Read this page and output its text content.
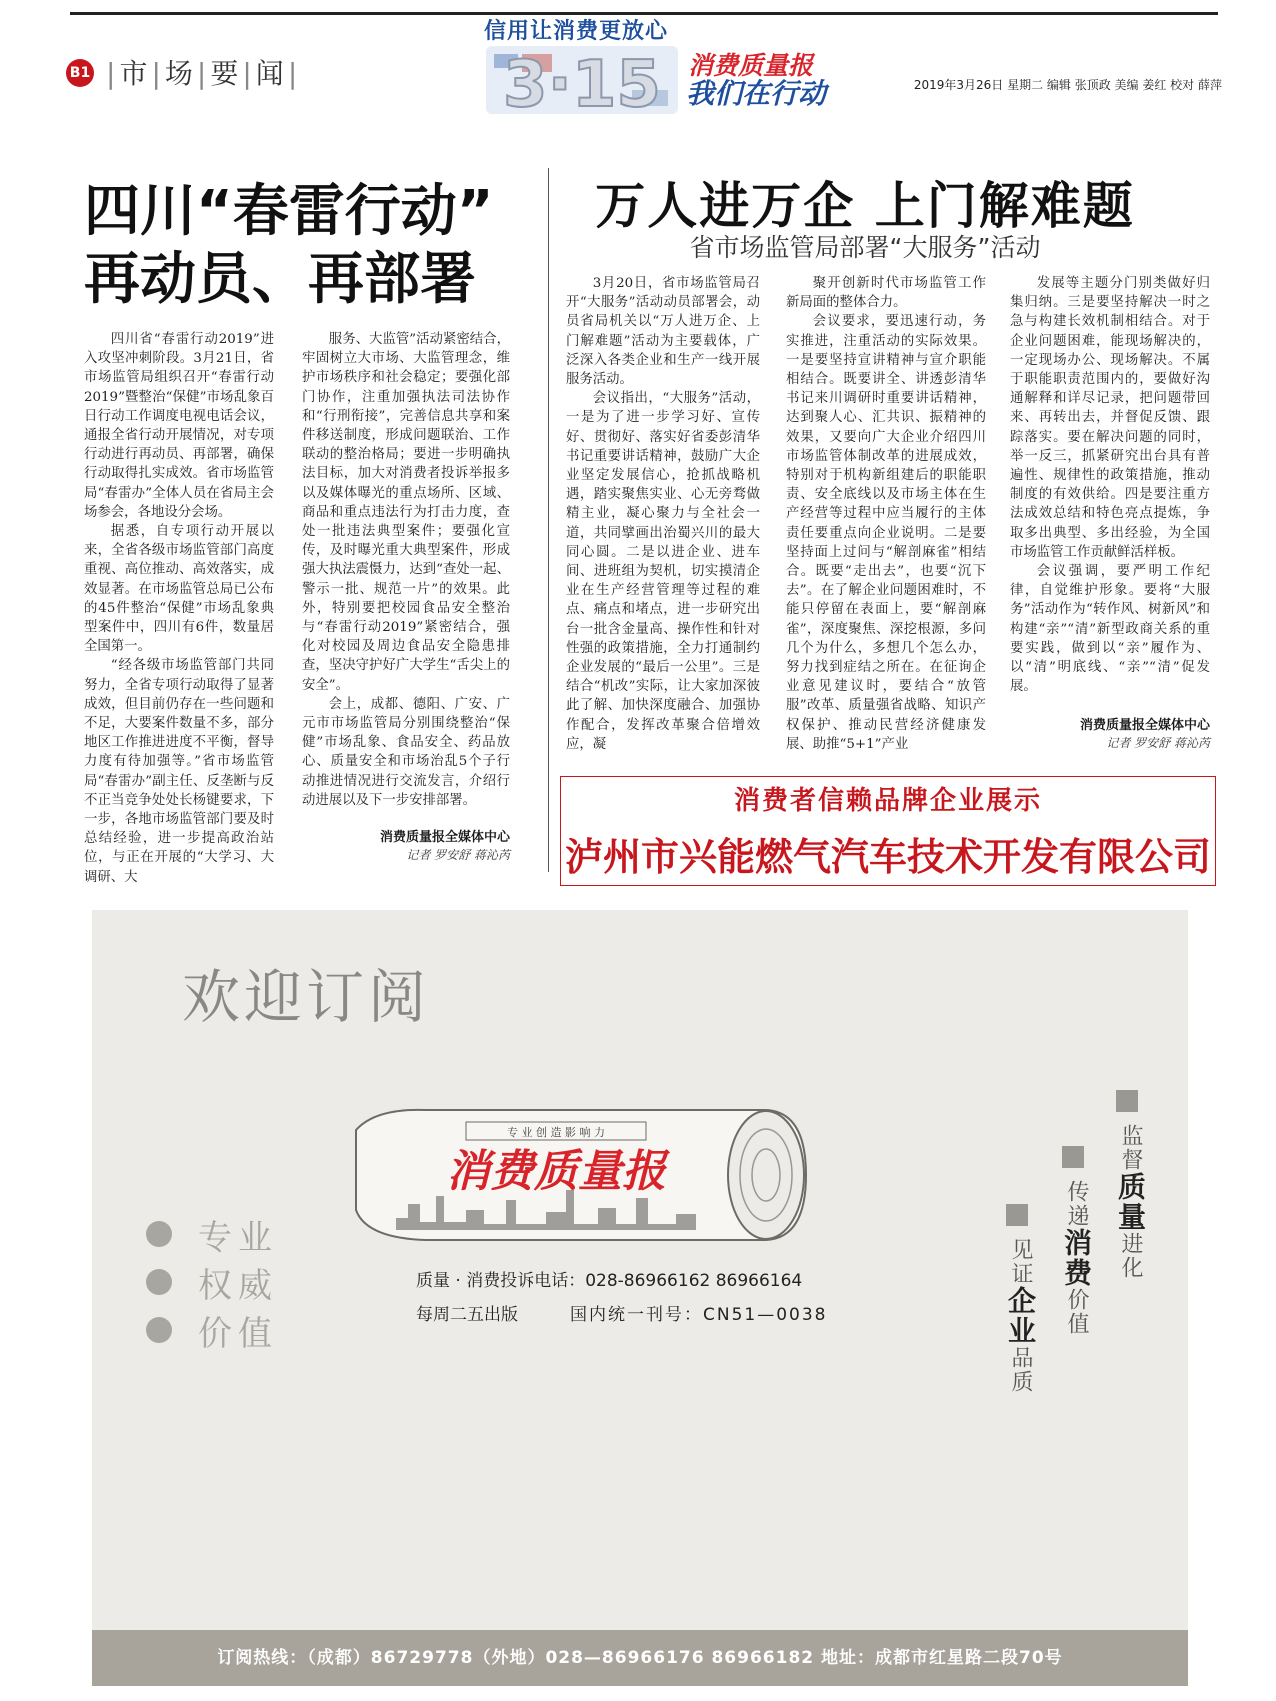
B1 |市|场|要|闻|
信用让消费更放心
3·15 消费质量报
我们在行动	2019年3月26日 星期二 编辑 张顶政 美编 姜红 校对 薛萍
四川“春雷行动”
再动员、再部署

四川省“春雷行动2019”进入攻坚冲刺阶段。3月21日，省市场监管局组织召开“春雷行动2019”暨整治“保健”市场乱象百日行动工作调度电视电话会议，通报全省行动开展情况，对专项行动进行再动员、再部署，确保行动取得扎实成效。省市场监管局“春雷办”全体人员在省局主会场参会，各地设分会场。

据悉，自专项行动开展以来，全省各级市场监管部门高度重视、高位推动、高效落实，成效显著。在市场监管总局已公布的45件整治“保健”市场乱象典型案件中，四川有6件，数量居全国第一。

“经各级市场监管部门共同努力，全省专项行动取得了显著成效，但目前仍存在一些问题和不足，大要案件数量不多，部分地区工作推进进度不平衡，督导力度有待加强等。”省市场监管局“春雷办”副主任、反垄断与反不正当竞争处处长杨键要求，下一步，各地市场监管部门要及时总结经验，进一步提高政治站位，与正在开展的“大学习、大调研、大

服务、大监管”活动紧密结合，牢固树立大市场、大监管理念，维护市场秩序和社会稳定；要强化部门协作，注重加强执法司法协作和“行刑衔接”，完善信息共享和案件移送制度，形成问题联治、工作联动的整治格局；要进一步明确执法目标，加大对消费者投诉举报多以及媒体曝光的重点场所、区域、商品和重点违法行为打击力度，查处一批违法典型案件；要强化宣传，及时曝光重大典型案件，形成强大执法震慑力，达到“查处一起、警示一批、规范一片”的效果。此外，特别要把校园食品安全整治与“春雷行动2019”紧密结合，强化对校园及周边食品安全隐患排查，坚决守护好广大学生“舌尖上的安全”。

会上，成都、德阳、广安、广元市市场监管局分别围绕整治“保健”市场乱象、食品安全、药品放心、质量安全和市场治乱5个子行动推进情况进行交流发言，介绍行动进展以及下一步安排部署。

消费质量报全媒体中心
记者 罗安舒 蒋沁芮
万人进万企 上门解难题
省市场监管局部署“大服务”活动

3月20日，省市场监管局召开“大服务”活动动员部署会，动员省局机关以“万人进万企、上门解难题”活动为主要载体，广泛深入各类企业和生产一线开展服务活动。

会议指出，“大服务”活动，一是为了进一步学习好、宣传好、贯彻好、落实好省委彭清华书记重要讲话精神，鼓励广大企业坚定发展信心，抢抓战略机遇，踏实聚焦实业、心无旁骛做精主业，凝心聚力与全社会一道，共同擘画出治蜀兴川的最大同心圆。二是以进企业、进车间、进班组为契机，切实摸清企业在生产经营管理等过程的难点、痛点和堵点，进一步研究出台一批含金量高、操作性和针对性强的政策措施，全力打通制约企业发展的“最后一公里”。三是结合“机改”实际，让大家加深彼此了解、加快深度融合、加强协作配合，发挥改革聚合倍增效应，凝

聚开创新时代市场监管工作新局面的整体合力。

会议要求，要迅速行动，务实推进，注重活动的实际效果。一是要坚持宣讲精神与宣介职能相结合。既要讲全、讲透彭清华书记来川调研时重要讲话精神，达到聚人心、汇共识、振精神的效果，又要向广大企业介绍四川市场监管体制改革的进展成效，特别对于机构新组建后的职能职责、安全底线以及市场主体在生产经营等过程中应当履行的主体责任要重点向企业说明。二是要坚持面上过问与“解剖麻雀”相结合。既要“走出去”，也要“沉下去”。在了解企业问题困难时，不能只停留在表面上，要“解剖麻雀”，深度聚焦、深挖根源，多问几个为什么，多想几个怎么办，努力找到症结之所在。在征询企业意见建议时，要结合“放管服”改革、质量强省战略、知识产权保护、推动民营经济健康发展、助推“5+1”产业

发展等主题分门别类做好归集归纳。三是要坚持解决一时之急与构建长效机制相结合。对于企业问题困难，能现场解决的，一定现场办公、现场解决。不属于职能职责范围内的，要做好沟通解释和详尽记录，把问题带回来、再转出去，并督促反馈、跟踪落实。要在解决问题的同时，举一反三，抓紧研究出台具有普遍性、规律性的政策措施，推动制度的有效供给。四是要注重方法成效总结和特色亮点提炼，争取多出典型、多出经验，为全国市场监管工作贡献鲜活样板。

会议强调，要严明工作纪律，自觉维护形象。要将“大服务”活动作为“转作风、树新风”和构建“亲”“清”新型政商关系的重要实践，做到以“亲”履作为、以“清”明底线、“亲”“清”促发展。

消费质量报全媒体中心
记者 罗安舒 蒋沁芮
消费者信赖品牌企业展示
泸州市兴能燃气汽车技术开发有限公司
欢迎订阅
专业
权威
价值
专 业 创 造 影 响 力
消费质量报
质量 · 消费投诉电话：028-86966162 86966164
每周二五出版	国内统一刊号：CN51—0038
监督质量进化
传递消费价值
见证企业品质
订阅热线：（成都）86729778（外地）028—86966176 86966182 地址：成都市红星路二段70号
